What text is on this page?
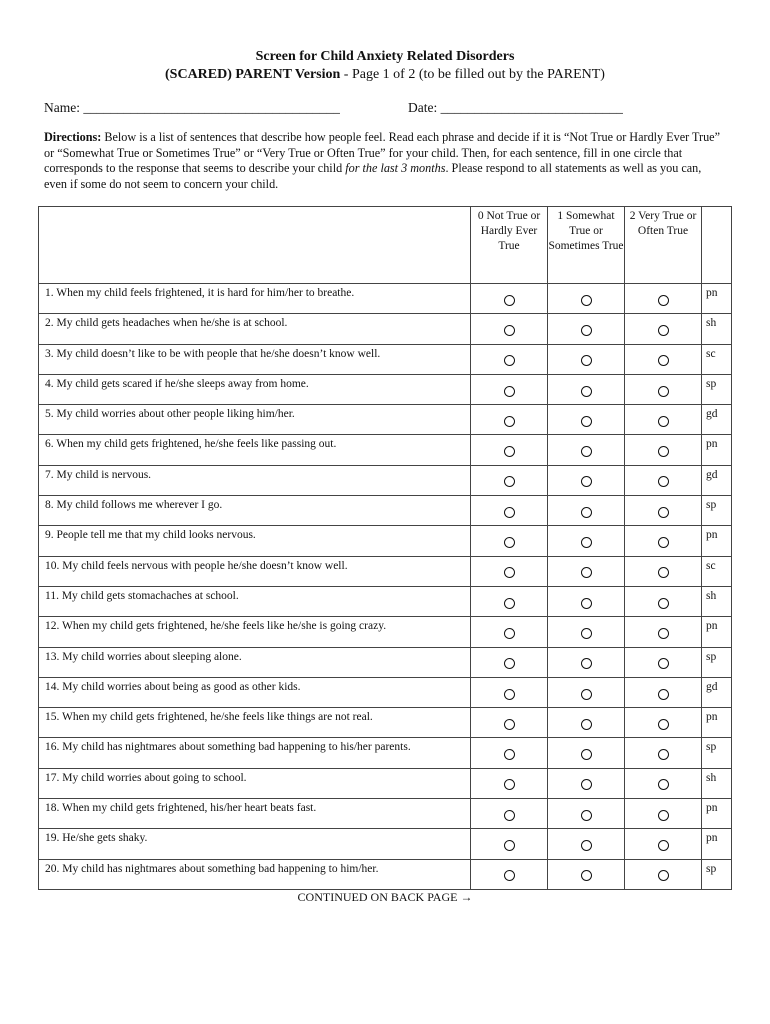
Screen for Child Anxiety Related Disorders
(SCARED) PARENT Version - Page 1 of 2 (to be filled out by the PARENT)
Name: ______________________________________	Date: ___________________________
Directions: Below is a list of sentences that describe how people feel. Read each phrase and decide if it is “Not True or Hardly Ever True” or “Somewhat True or Sometimes True” or “Very True or Often True” for your child. Then, for each sentence, fill in one circle that corresponds to the response that seems to describe your child for the last 3 months. Please respond to all statements as well as you can, even if some do not seem to concern your child.
	0 Not True or Hardly Ever True	1 Somewhat True or Sometimes True	2 Very True or Often True	
1. When my child feels frightened, it is hard for him/her to breathe.				pn
2. My child gets headaches when he/she is at school.				sh
3. My child doesn’t like to be with people that he/she doesn’t know well.				sc
4. My child gets scared if he/she sleeps away from home.				sp
5. My child worries about other people liking him/her.				gd
6. When my child gets frightened, he/she feels like passing out.				pn
7. My child is nervous.				gd
8. My child follows me wherever I go.				sp
9. People tell me that my child looks nervous.				pn
10. My child feels nervous with people he/she doesn’t know well.				sc
11. My child gets stomachaches at school.				sh
12. When my child gets frightened, he/she feels like he/she is going crazy.				pn
13. My child worries about sleeping alone.				sp
14. My child worries about being as good as other kids.				gd
15. When my child gets frightened, he/she feels like things are not real.				pn
16. My child has nightmares about something bad happening to his/her parents.				sp
17. My child worries about going to school.				sh
18. When my child gets frightened, his/her heart beats fast.				pn
19. He/she gets shaky.				pn
20. My child has nightmares about something bad happening to him/her.				sp
CONTINUED ON BACK PAGE →
